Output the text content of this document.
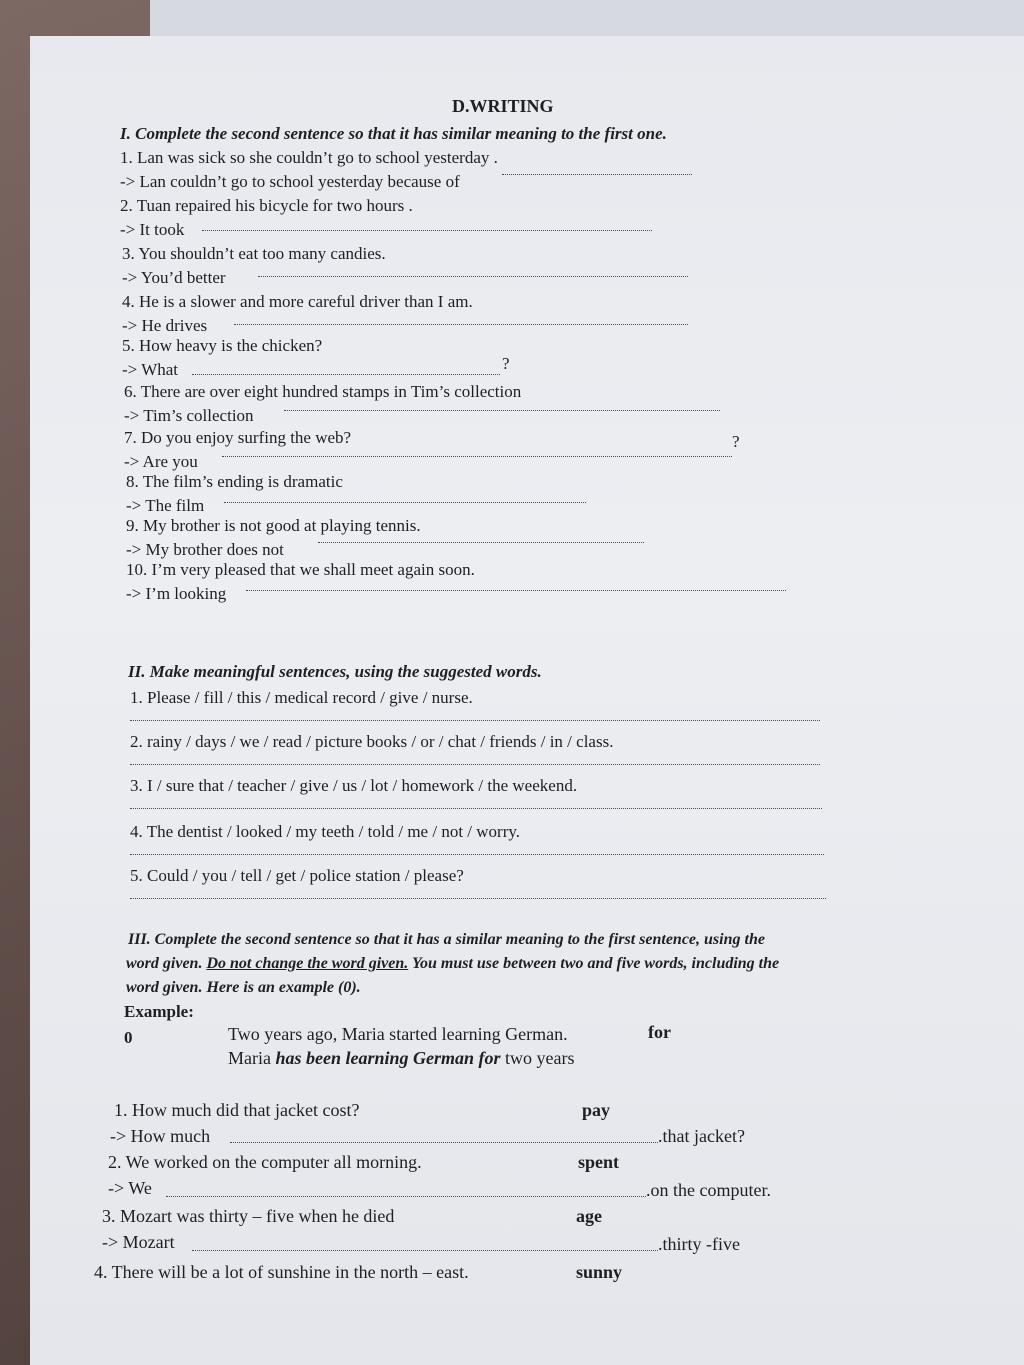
D.WRITING
I. Complete the second sentence so that it has similar meaning to the first one.
1. Lan was sick so she couldn’t go to school yesterday .
-> Lan couldn’t go to school yesterday because of
2. Tuan repaired his bicycle for two hours .
-> It took
3. You shouldn’t eat too many candies.
-> You’d better
4. He is a slower and more careful driver than I am.
-> He drives
5. How heavy is the chicken?
-> What	?
6. There are over eight hundred stamps in Tim’s collection
-> Tim’s collection
7. Do you enjoy surfing the web?
-> Are you
?
8. The film’s ending is dramatic
-> The film
9. My brother is not good at playing tennis.
-> My brother does not
10. I’m very pleased that we shall meet again soon.
-> I’m looking
II. Make meaningful sentences, using the suggested words.
1. Please / fill / this / medical record / give / nurse.
2. rainy / days / we / read / picture books / or / chat / friends / in / class.
3. I / sure that / teacher / give / us / lot / homework / the weekend.
4. The dentist / looked / my teeth / told / me / not / worry.
5. Could / you / tell / get / police station / please?
III. Complete the second sentence so that it has a similar meaning to the first sentence, using the
word given. Do not change the word given. You must use between two and five words, including the
word given. Here is an example (0).
Example:
0	Two years ago, Maria started learning German.	for
Maria has been learning German for two years
1. How much did that jacket cost?	pay
-> How much	.that jacket?
2. We worked on the computer all morning.	spent
-> We	.on the computer.
3. Mozart was thirty – five when he died	age
-> Mozart	.thirty -five
4. There will be a lot of sunshine in the north – east.	sunny
